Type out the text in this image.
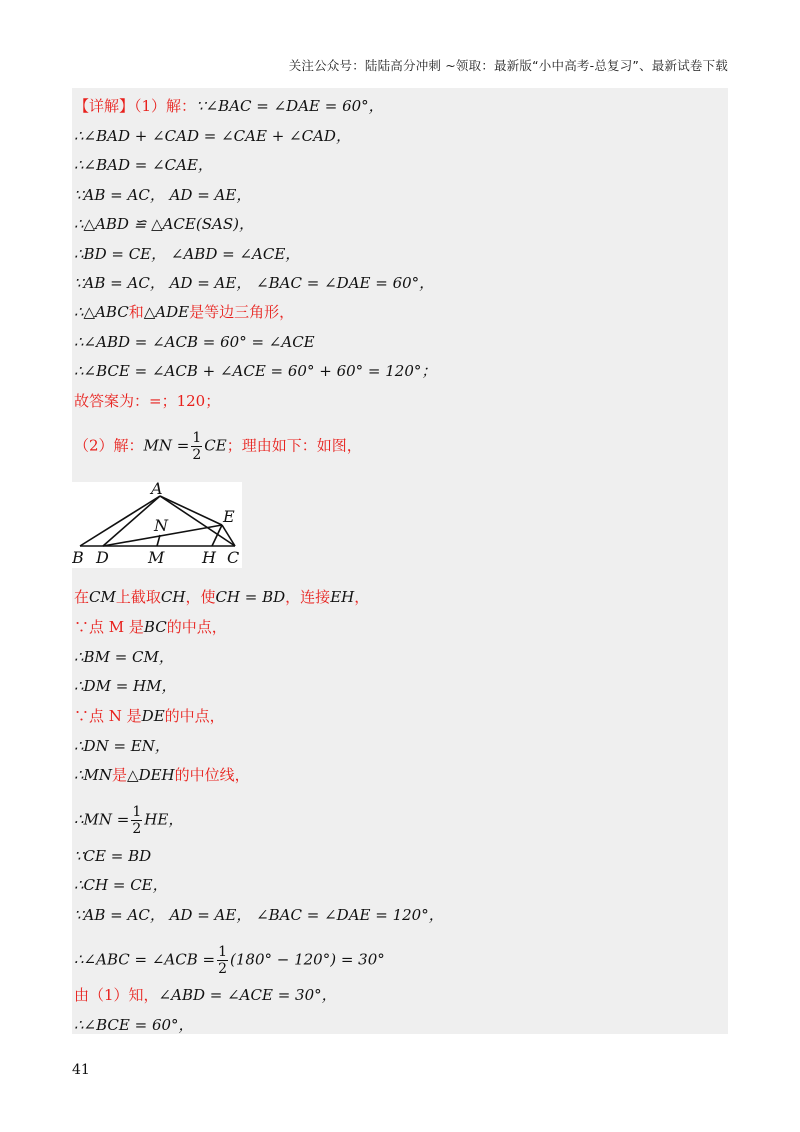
关注公众号：陆陆高分冲刺 ~领取：最新版“小中高考-总复习”、最新试卷下载
【详解】（1）解：∵∠BAC = ∠DAE = 60°，
∴∠BAD + ∠CAD = ∠CAE + ∠CAD，
∴∠BAD = ∠CAE，
∵AB = AC， AD = AE，
∴△ABD ≌ △ACE(SAS)，
∴BD = CE， ∠ABD = ∠ACE，
∵AB = AC， AD = AE， ∠BAC = ∠DAE = 60°，
∴△ABC和△ADE是等边三角形，
∴∠ABD = ∠ACB = 60° = ∠ACE
∴∠BCE = ∠ACB + ∠ACE = 60° + 60° = 120°；
故答案为：=；120；
（2）解：MN = $\frac{1}{2}$ CE；理由如下：如图，
A
B D M
N	E
H C
在CM上截取CH，使CH = BD，连接EH，
∵点 M 是BC的中点，
∴BM = CM，
∴DM = HM，
∵点 N 是DE的中点，
∴DN = EN，
∴MN是△DEH的中位线，
∴MN = $\frac{1}{2}$ HE，
∵CE = BD
∴CH = CE，
∵AB = AC， AD = AE， ∠BAC = ∠DAE = 120°，
∴∠ABC = ∠ACB = $\frac{1}{2} (180^\circ - 120^\circ) = 30^\circ$
由（1）知，∠ABD = ∠ACE = 30°，
∴∠BCE = 60°，
41
